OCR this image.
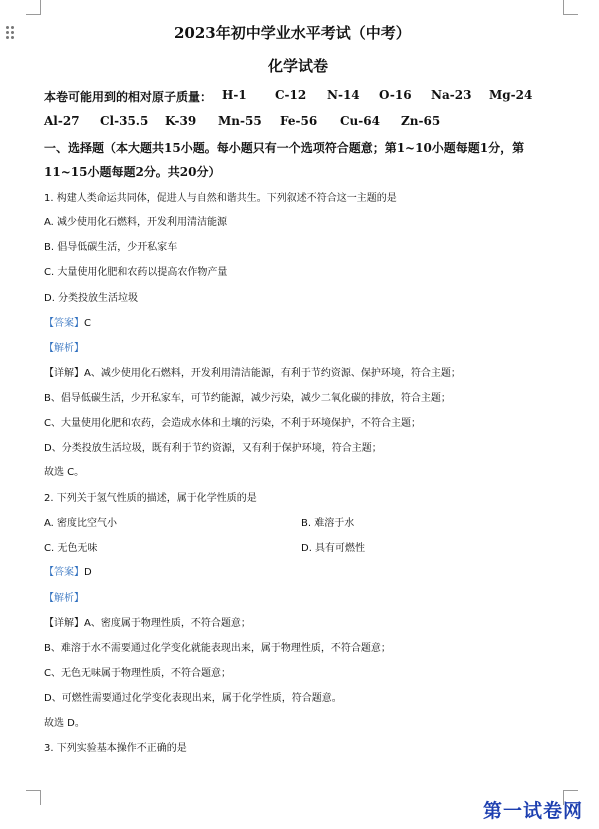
2023年初中学业水平考试（中考）
化学试卷
本卷可能用到的相对原子质量： H-1 C-12 N-14 O-16 Na-23 Mg-24
Al-27 Cl-35.5 K-39 Mn-55 Fe-56 Cu-64 Zn-65
一、选择题（本大题共15小题。每小题只有一个选项符合题意；第1~10小题每题1分，第
11~15小题每题2分。共20分）
1. 构建人类命运共同体，促进人与自然和谐共生。下列叙述不符合这一主题的是
A. 减少使用化石燃料，开发利用清洁能源
B. 倡导低碳生活，少开私家车
C. 大量使用化肥和农药以提高农作物产量
D. 分类投放生活垃圾
【答案】C
【解析】
【详解】A、减少使用化石燃料，开发利用清洁能源，有利于节约资源、保护环境，符合主题；
B、倡导低碳生活，少开私家车，可节约能源，减少污染，减少二氧化碳的排放，符合主题；
C、大量使用化肥和农药，会造成水体和土壤的污染，不利于环境保护，不符合主题；
D、分类投放生活垃圾，既有利于节约资源，又有利于保护环境，符合主题；
故选 C。
2. 下列关于氢气性质的描述，属于化学性质的是
A. 密度比空气小	B. 难溶于水
C. 无色无味	D. 具有可燃性
【答案】D
【解析】
【详解】A、密度属于物理性质，不符合题意；
B、难溶于水不需要通过化学变化就能表现出来，属于物理性质，不符合题意；
C、无色无味属于物理性质，不符合题意；
D、可燃性需要通过化学变化表现出来，属于化学性质，符合题意。
故选 D。
3. 下列实验基本操作不正确的是
第一试卷网
